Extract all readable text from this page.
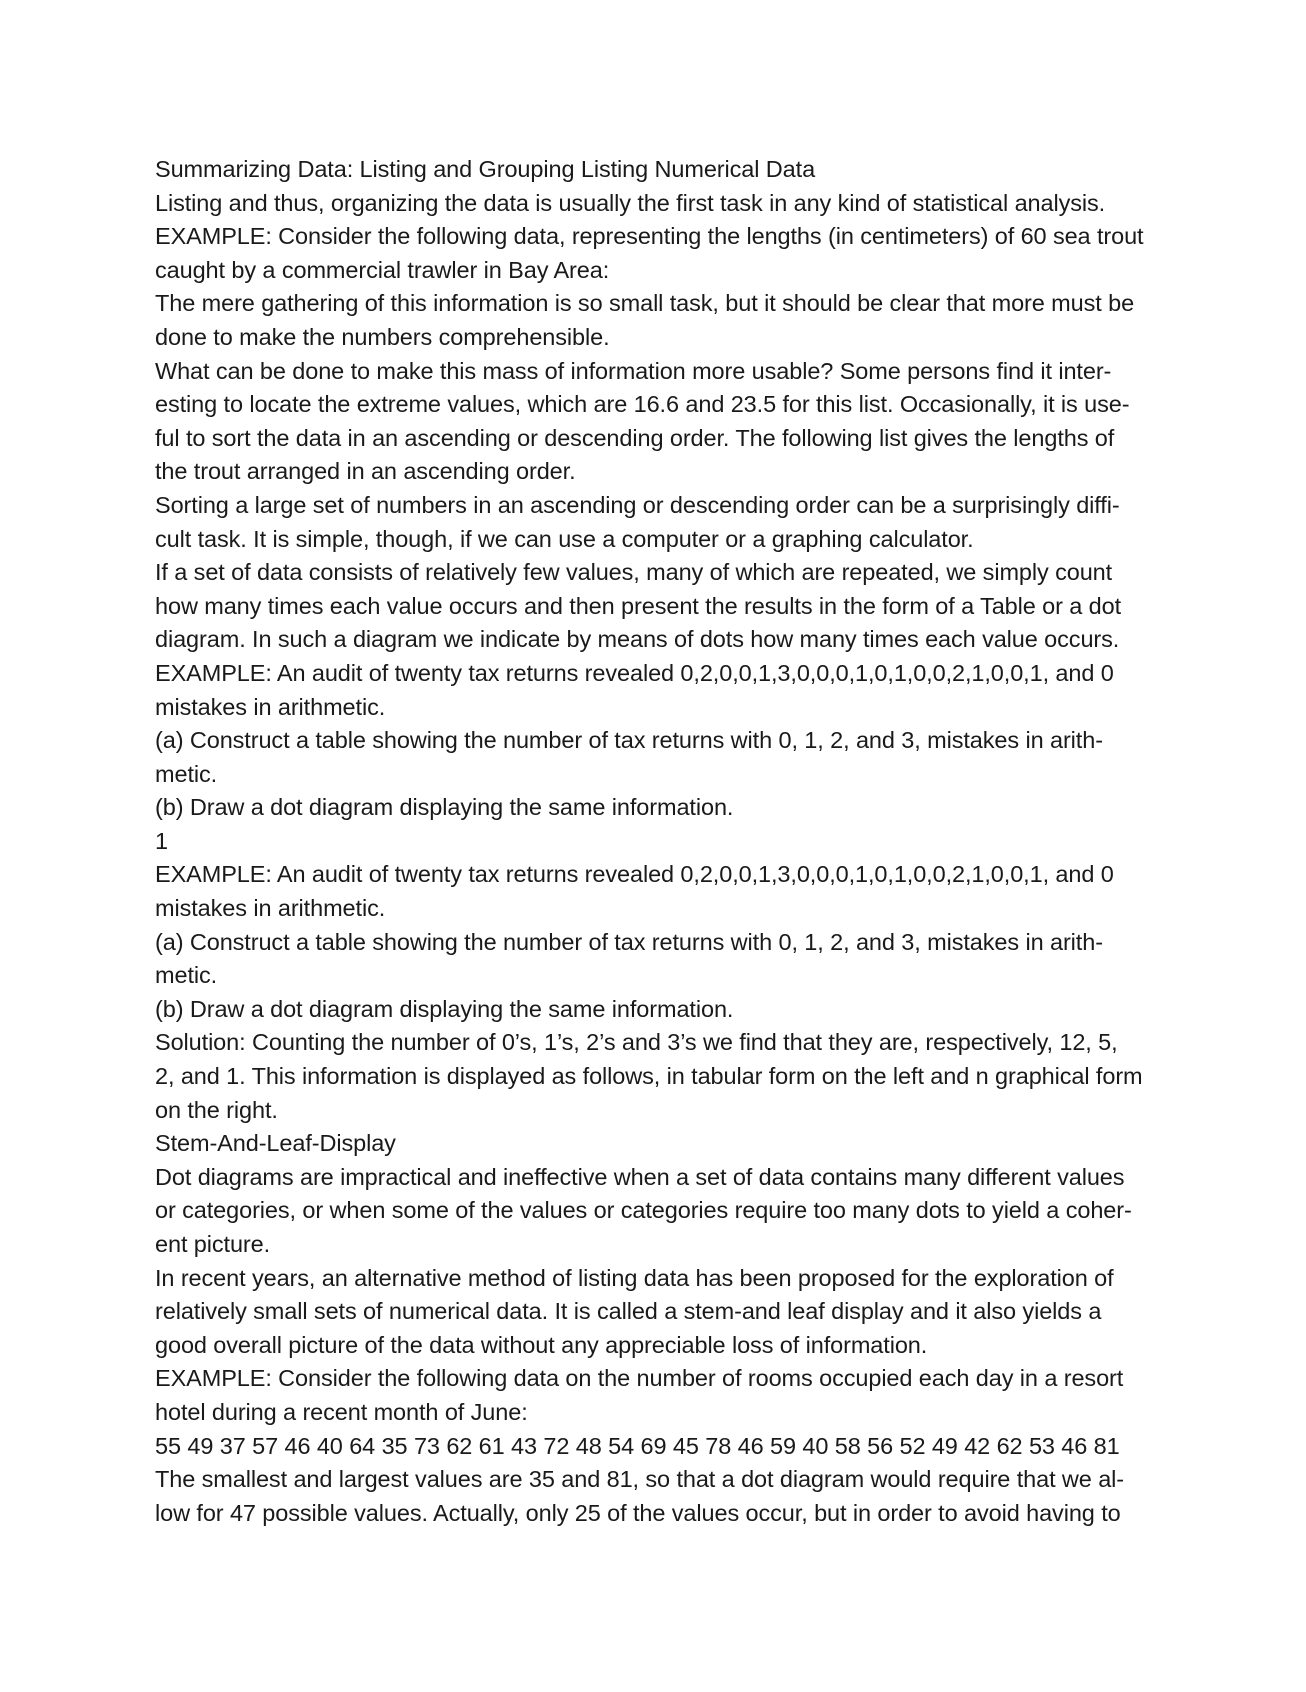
Summarizing Data: Listing and Grouping Listing Numerical Data
Listing and thus, organizing the data is usually the first task in any kind of statistical analysis.
EXAMPLE: Consider the following data, representing the lengths (in centimeters) of 60 sea trout
caught by a commercial trawler in Bay Area:
The mere gathering of this information is so small task, but it should be clear that more must be
done to make the numbers comprehensible.
What can be done to make this mass of information more usable? Some persons find it inter-
esting to locate the extreme values, which are 16.6 and 23.5 for this list. Occasionally, it is use-
ful to sort the data in an ascending or descending order. The following list gives the lengths of
the trout arranged in an ascending order.
Sorting a large set of numbers in an ascending or descending order can be a surprisingly diffi-
cult task. It is simple, though, if we can use a computer or a graphing calculator.
If a set of data consists of relatively few values, many of which are repeated, we simply count
how many times each value occurs and then present the results in the form of a Table or a dot
diagram. In such a diagram we indicate by means of dots how many times each value occurs.
EXAMPLE: An audit of twenty tax returns revealed 0,2,0,0,1,3,0,0,0,1,0,1,0,0,2,1,0,0,1, and 0
mistakes in arithmetic.
(a) Construct a table showing the number of tax returns with 0, 1, 2, and 3, mistakes in arith-
metic.
(b) Draw a dot diagram displaying the same information.
1
EXAMPLE: An audit of twenty tax returns revealed 0,2,0,0,1,3,0,0,0,1,0,1,0,0,2,1,0,0,1, and 0
mistakes in arithmetic.
(a) Construct a table showing the number of tax returns with 0, 1, 2, and 3, mistakes in arith-
metic.
(b) Draw a dot diagram displaying the same information.
Solution: Counting the number of 0’s, 1’s, 2’s and 3’s we find that they are, respectively, 12, 5,
2, and 1. This information is displayed as follows, in tabular form on the left and n graphical form
on the right.
Stem-And-Leaf-Display
Dot diagrams are impractical and ineffective when a set of data contains many different values
or categories, or when some of the values or categories require too many dots to yield a coher-
ent picture.
In recent years, an alternative method of listing data has been proposed for the exploration of
relatively small sets of numerical data. It is called a stem-and leaf display and it also yields a
good overall picture of the data without any appreciable loss of information.
EXAMPLE: Consider the following data on the number of rooms occupied each day in a resort
hotel during a recent month of June:
55 49 37 57 46 40 64 35 73 62 61 43 72 48 54 69 45 78 46 59 40 58 56 52 49 42 62 53 46 81
The smallest and largest values are 35 and 81, so that a dot diagram would require that we al-
low for 47 possible values. Actually, only 25 of the values occur, but in order to avoid having to
